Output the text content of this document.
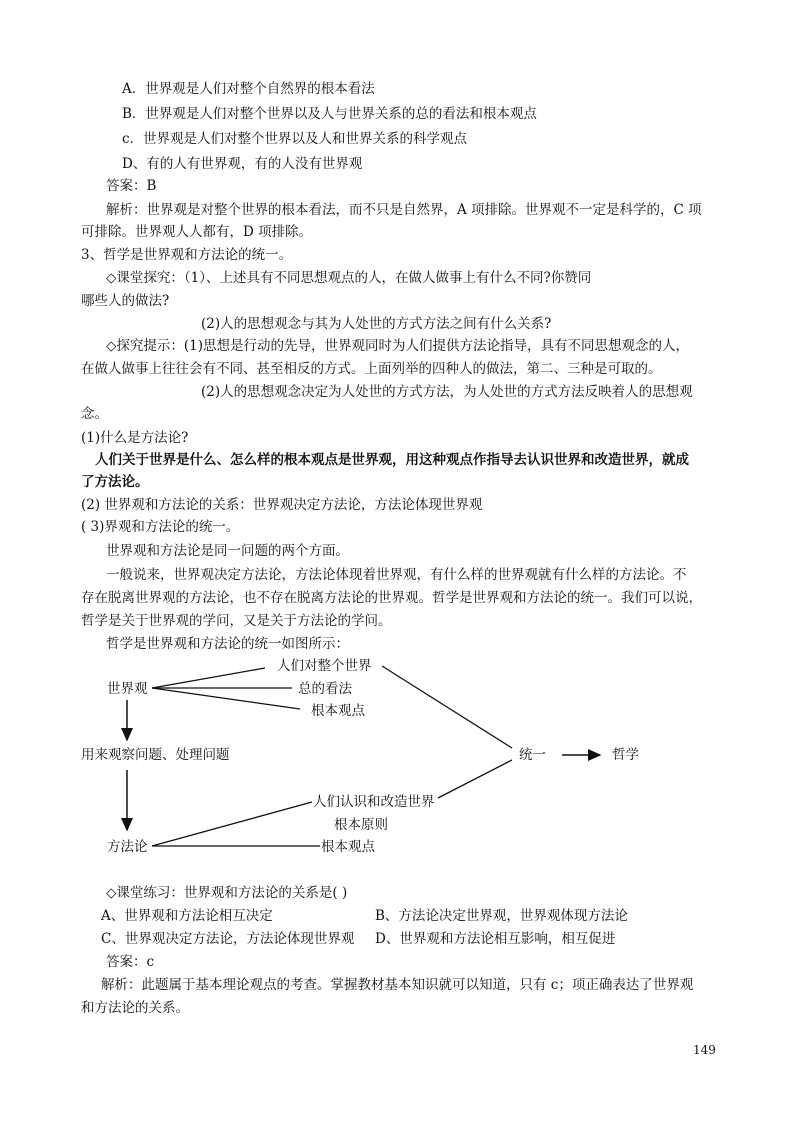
A．世界观是人们对整个自然界的根本看法
B．世界观是人们对整个世界以及人与世界关系的总的看法和根本观点
c．世界观是人们对整个世界以及人和世界关系的科学观点
D、有的人有世界观，有的人没有世界观
答案：B
解析：世界观是对整个世界的根本看法，而不只是自然界，A 项排除。世界观不一定是科学的，C 项
可排除。世界观人人都有，D 项排除。
3、哲学是世界观和方法论的统一。
◇课堂探究：（1）、上述具有不同思想观点的人，在做人做事上有什么不同?你赞同
哪些人的做法?
(2)人的思想观念与其为人处世的方式方法之间有什么关系?
◇探究提示：(1)思想是行动的先导，世界观同时为人们提供方法论指导，具有不同思想观念的人，
在做人做事上往往会有不同、甚至相反的方式。上面列举的四种人的做法，第二、三种是可取的。
(2)人的思想观念决定为人处世的方式方法，为人处世的方式方法反映着人的思想观
念。
(1)什么是方法论?
人们关于世界是什么、怎么样的根本观点是世界观，用这种观点作指导去认识世界和改造世界，就成
了方法论。
(2) 世界观和方法论的关系：世界观决定方法论，方法论体现世界观
( 3)界观和方法论的统一。
世界观和方法论是同一问题的两个方面。
一般说来，世界观决定方法论，方法论体现着世界观，有什么样的世界观就有什么样的方法论。不
存在脱离世界观的方法论，也不存在脱离方法论的世界观。哲学是世界观和方法论的统一。我们可以说，
哲学是关于世界观的学问，又是关于方法论的学问。
哲学是世界观和方法论的统一如图所示：
世界观
人们对整个世界
总的看法
根本观点
用来观察问题、处理问题	统一	哲学
人们认识和改造世界
根本原则
根本观点
方法论
◇课堂练习：世界观和方法论的关系是( )
A、世界观和方法论相互决定	B、方法论决定世界观，世界观体现方法论
C、世界观决定方法论，方法论体现世界观 D、世界观和方法论相互影响，相互促进
答案：c
解析：此题属于基本理论观点的考查。掌握教材基本知识就可以知道，只有 c；项正确表达了世界观
和方法论的关系。
149
